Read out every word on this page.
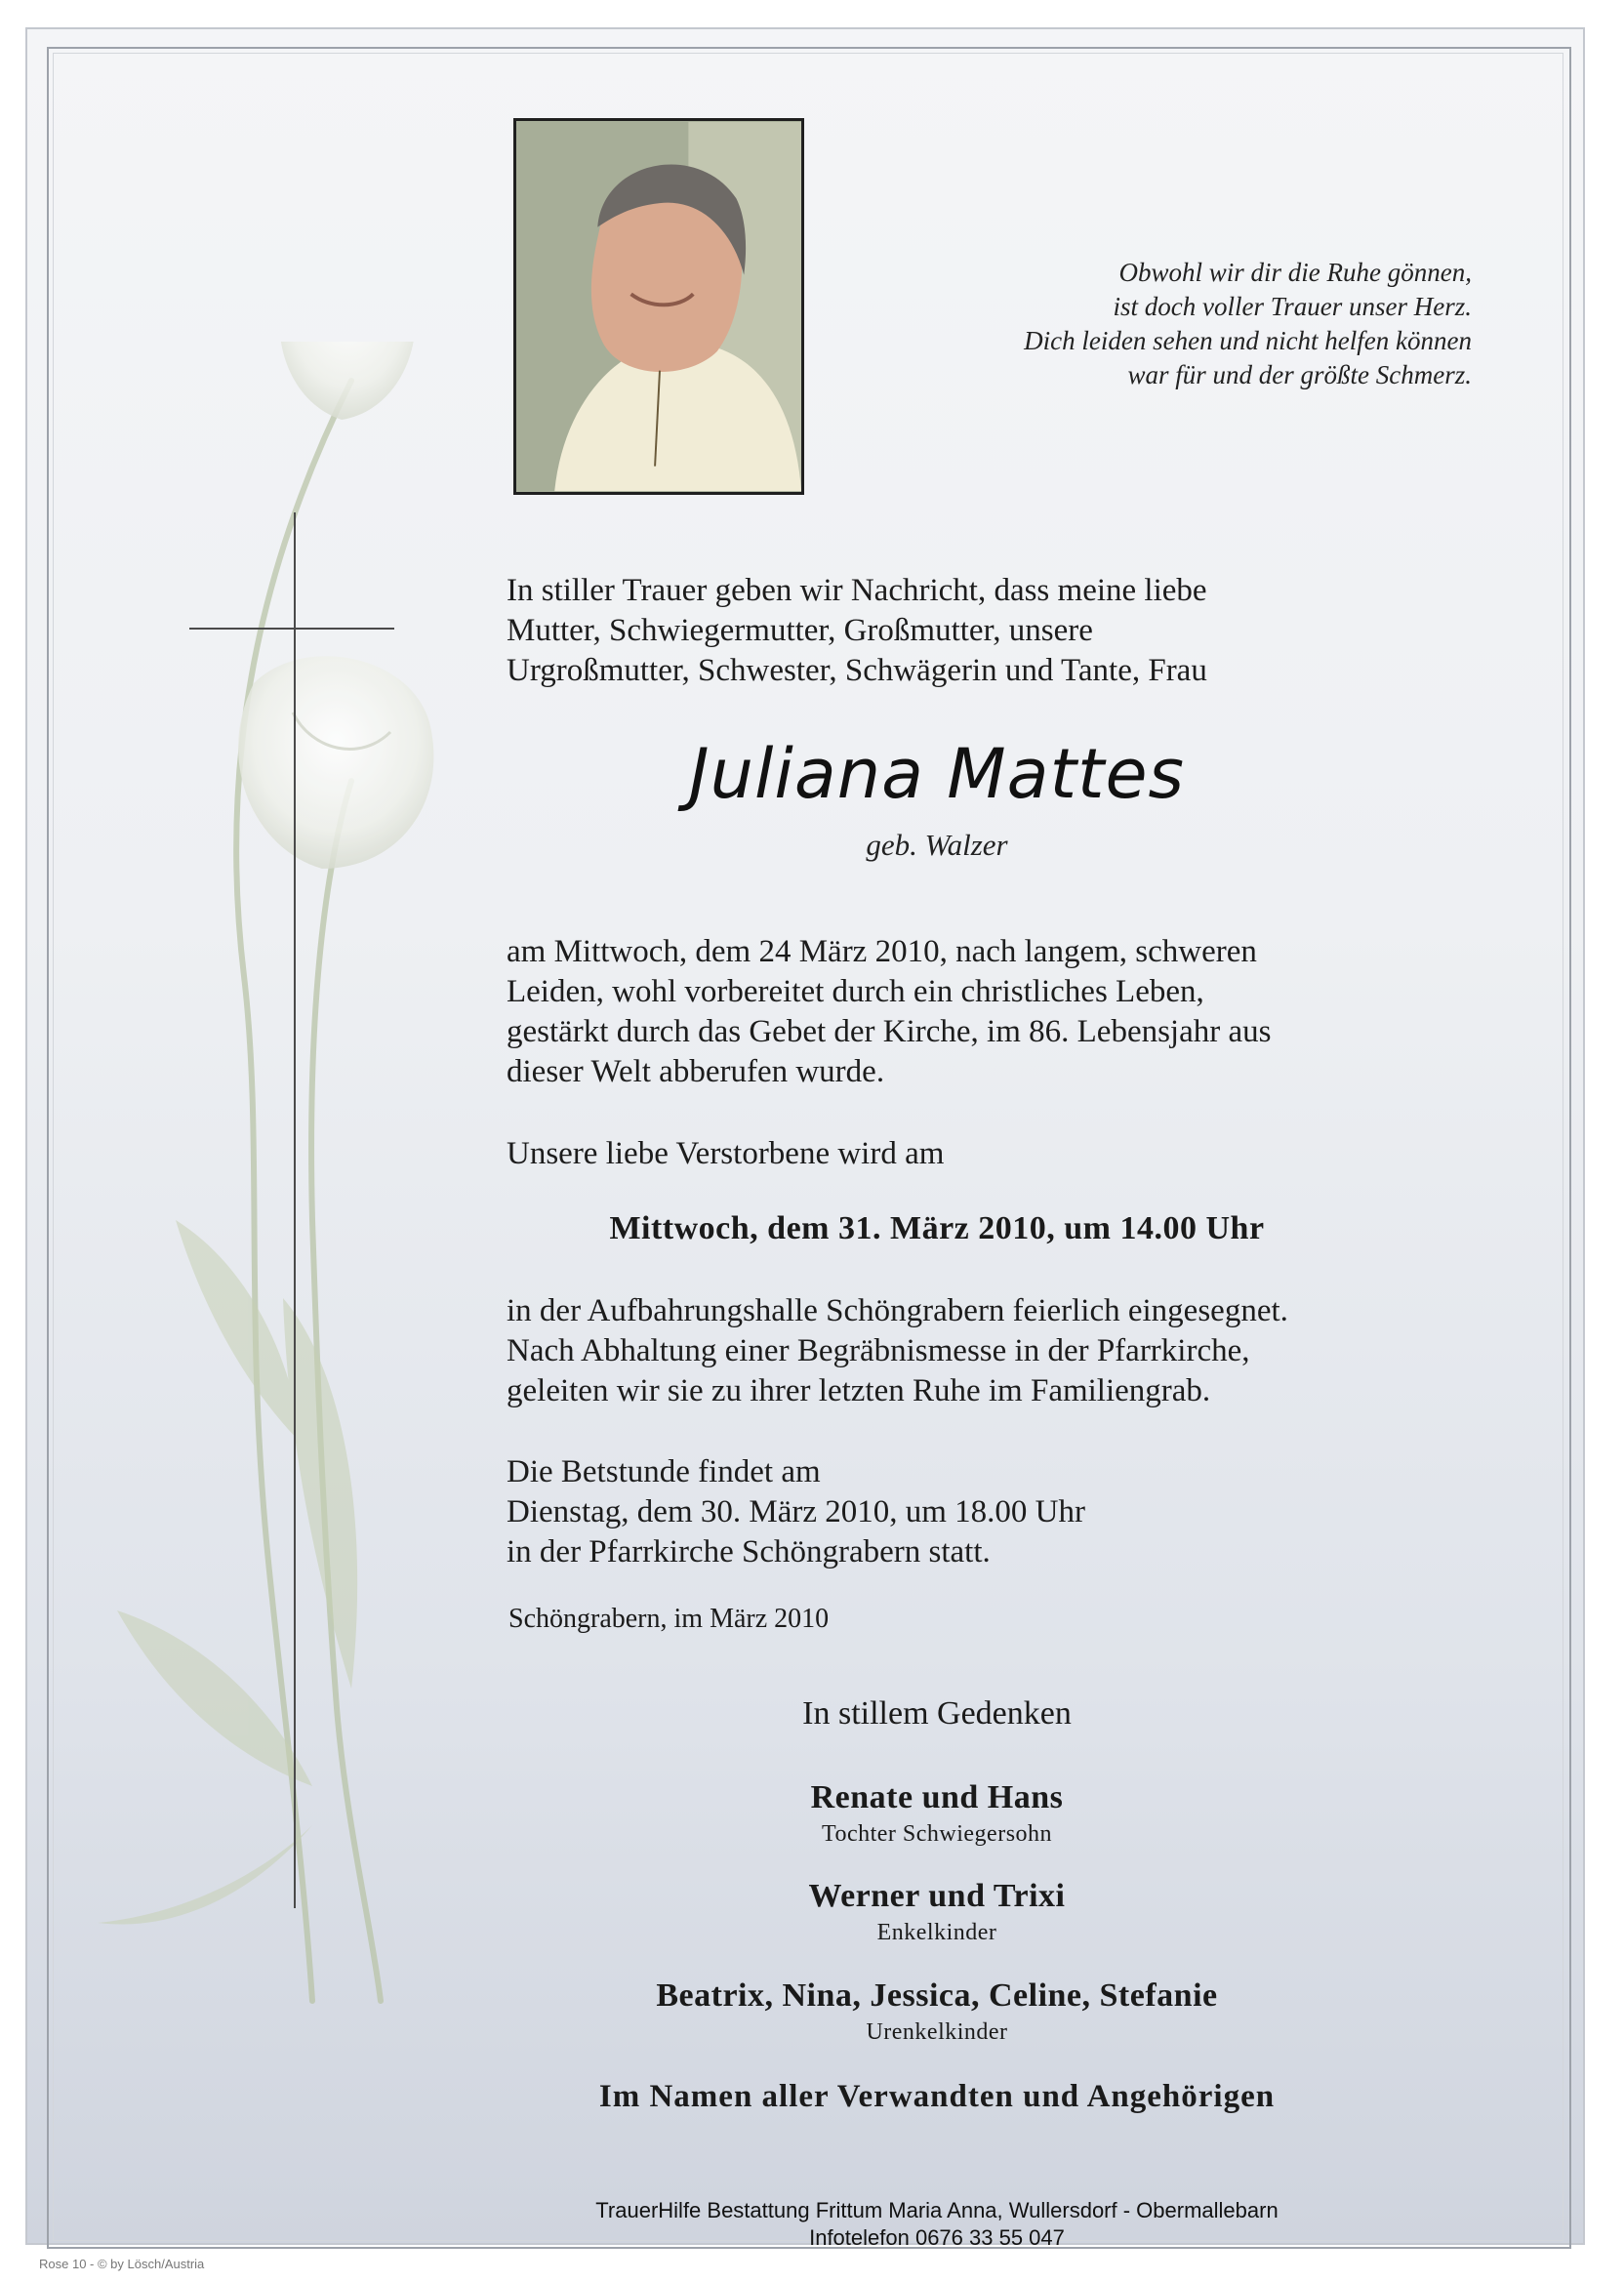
Obwohl wir dir die Ruhe gönnen,
ist doch voller Trauer unser Herz.
Dich leiden sehen und nicht helfen können
war für und der größte Schmerz.
In stiller Trauer geben wir Nachricht, dass meine liebe
Mutter, Schwiegermutter, Großmutter, unsere
Urgroßmutter, Schwester, Schwägerin und Tante, Frau
Juliana Mattes
geb. Walzer
am Mittwoch, dem 24 März 2010, nach langem, schweren
Leiden, wohl vorbereitet durch ein christliches Leben,
gestärkt durch das Gebet der Kirche, im 86. Lebensjahr aus
dieser Welt abberufen wurde.
Unsere liebe Verstorbene wird am
Mittwoch, dem 31. März 2010, um 14.00 Uhr
in der Aufbahrungshalle Schöngrabern feierlich eingesegnet.
Nach Abhaltung einer Begräbnismesse in der Pfarrkirche,
geleiten wir sie zu ihrer letzten Ruhe im Familiengrab.
Die Betstunde findet am
Dienstag, dem 30. März 2010, um 18.00 Uhr
in der Pfarrkirche Schöngrabern statt.
Schöngrabern, im März 2010
In stillem Gedenken
Renate und Hans
Tochter Schwiegersohn
Werner und Trixi
Enkelkinder
Beatrix, Nina, Jessica, Celine, Stefanie
Urenkelkinder
Im Namen aller Verwandten und Angehörigen
TrauerHilfe Bestattung Frittum Maria Anna, Wullersdorf - Obermallebarn
Infotelefon 0676 33 55 047
Rose 10 - © by Lösch/Austria
